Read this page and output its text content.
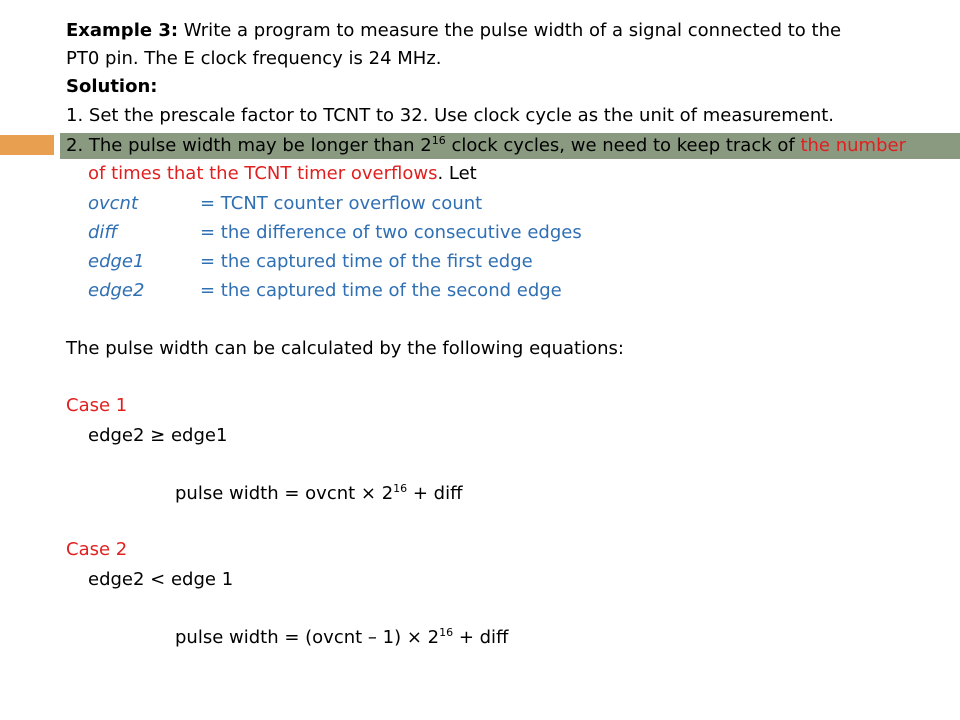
Example 3: Write a program to measure the pulse width of a signal connected to the
PT0 pin. The E clock frequency is 24 MHz.
Solution:
1. Set the prescale factor to TCNT to 32. Use clock cycle as the unit of measurement.
2. The pulse width may be longer than $2^{16}$ clock cycles, we need to keep track of the number
of times that the TCNT timer overflows. Let
ovcnt	= TCNT counter overflow count
diff	= the difference of two consecutive edges
edge1	= the captured time of the first edge
edge2	= the captured time of the second edge
The pulse width can be calculated by the following equations:
Case 1
edge2 ≥ edge1
pulse width = ovcnt × $2^{16}$ + diff
Case 2
edge2 < edge 1
pulse width = (ovcnt – $1) \times 2^{16}$ + diff
